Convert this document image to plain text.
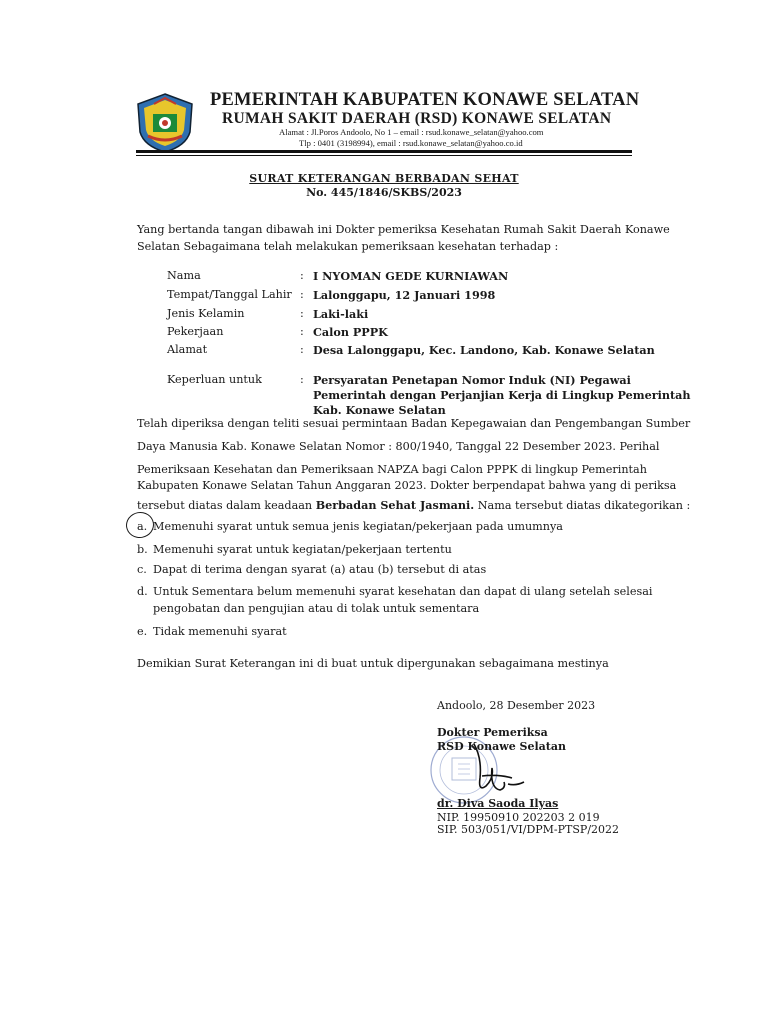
PEMERINTAH KABUPATEN KONAWE SELATAN
RUMAH SAKIT DAERAH (RSD) KONAWE SELATAN
Alamat : Jl.Poros Andoolo, No 1 – email : rsud.konawe_selatan@yahoo.com
Tlp : 0401 (3198994), email : rsud.konawe_selatan@yahoo.co.id
SURAT KETERANGAN BERBADAN SEHAT
No. 445/1846/SKBS/2023
Yang bertanda tangan dibawah ini Dokter pemeriksa Kesehatan Rumah Sakit Daerah Konawe
Selatan Sebagaimana telah melakukan pemeriksaan kesehatan terhadap :
Nama	: I NYOMAN GEDE KURNIAWAN
Tempat/Tanggal Lahir : Lalonggapu, 12 Januari 1998
Jenis Kelamin	: Laki-laki
Pekerjaan	: Calon PPPK
Alamat	: Desa Lalonggapu, Kec. Landono, Kab. Konawe Selatan
Keperluan untuk	: Persyaratan Penetapan Nomor Induk (NI) Pegawai
Pemerintah dengan Perjanjian Kerja di Lingkup Pemerintah
Kab. Konawe Selatan
Telah diperiksa dengan teliti sesuai permintaan Badan Kepegawaian dan Pengembangan Sumber
Daya Manusia Kab. Konawe Selatan Nomor : 800/1940, Tanggal 22 Desember 2023. Perihal
Pemeriksaan Kesehatan dan Pemeriksaan NAPZA bagi Calon PPPK di lingkup Pemerintah
Kabupaten Konawe Selatan Tahun Anggaran 2023. Dokter berpendapat bahwa yang di periksa
tersebut diatas dalam keadaan Berbadan Sehat Jasmani. Nama tersebut diatas dikategorikan :
a. Memenuhi syarat untuk semua jenis kegiatan/pekerjaan pada umumnya
b. Memenuhi syarat untuk kegiatan/pekerjaan tertentu
c. Dapat di terima dengan syarat (a) atau (b) tersebut di atas
d. Untuk Sementara belum memenuhi syarat kesehatan dan dapat di ulang setelah selesai
pengobatan dan pengujian atau di tolak untuk sementara
e. Tidak memenuhi syarat
Demikian Surat Keterangan ini di buat untuk dipergunakan sebagaimana mestinya
Andoolo, 28 Desember 2023
Dokter Pemeriksa
RSD Konawe Selatan
dr. Diva Saoda Ilyas
NIP. 19950910 202203 2 019
SIP. 503/051/VI/DPM-PTSP/2022
